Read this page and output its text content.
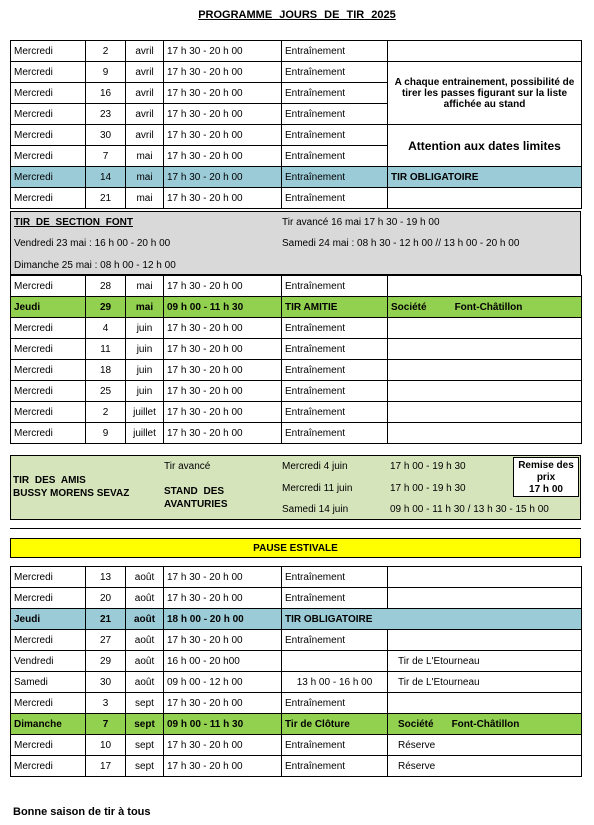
PROGRAMME JOURS DE TIR 2025
Mercredi	2	avril	17 h 30 - 20 h 00	Entraînement	
Mercredi	9	avril	17 h 30 - 20 h 00	Entraînement	A chaque entrainement, possibilité de tirer les passes figurant sur la liste affichée au stand
Mercredi	16	avril	17 h 30 - 20 h 00	Entraînement	
Mercredi	23	avril	17 h 30 - 20 h 00	Entraînement	
Mercredi	30	avril	17 h 30 - 20 h 00	Entraînement	Attention aux dates limites
Mercredi	7	mai	17 h 30 - 20 h 00	Entraînement	
Mercredi	14	mai	17 h 30 - 20 h 00	Entraînement	TIR OBLIGATOIRE
Mercredi	21	mai	17 h 30 - 20 h 00	Entraînement	
TIR DE SECTION FONT	Tir avancé 16 mai 17 h 30 - 19 h 00
Vendredi 23 mai : 16 h 00 - 20 h 00	Samedi 24 mai : 08 h 30 - 12 h 00 // 13 h 00 - 20 h 00
Dimanche 25 mai : 08 h 00 - 12 h 00
Mercredi	28	mai	17 h 30 - 20 h 00	Entraînement	
Jeudi	29	mai	09 h 00 - 11 h 30	TIR AMITIE	Société Font-Châtillon
Mercredi	4	juin	17 h 30 - 20 h 00	Entraînement	
Mercredi	11	juin	17 h 30 - 20 h 00	Entraînement	
Mercredi	18	juin	17 h 30 - 20 h 00	Entraînement	
Mercredi	25	juin	17 h 30 - 20 h 00	Entraînement	
Mercredi	2	juillet	17 h 30 - 20 h 00	Entraînement	
Mercredi	9	juillet	17 h 30 - 20 h 00	Entraînement	
TIR DES AMIS
BUSSY MORENS SEVAZ
Tir avancé
STAND DES
AVANTURIES
Mercredi 4 juin	17 h 00 - 19 h 30
Mercredi 11 juin	17 h 00 - 19 h 30
Samedi 14 juin	09 h 00 - 11 h 30 / 13 h 30 - 15 h 00
Remise des
prix
17 h 00
PAUSE ESTIVALE
Mercredi	13	août	17 h 30 - 20 h 00	Entraînement	
Mercredi	20	août	17 h 30 - 20 h 00	Entraînement	
Jeudi	21	août	18 h 00 - 20 h 00	TIR OBLIGATOIRE	
Mercredi	27	août	17 h 30 - 20 h 00	Entraînement	
Vendredi	29	août	16 h 00 - 20 h00		Tir de L'Etourneau
Samedi	30	août	09 h 00 - 12 h 00	13 h 00 - 16 h 00	Tir de L'Etourneau
Mercredi	3	sept	17 h 30 - 20 h 00	Entraînement	
Dimanche	7	sept	09 h 00 - 11 h 30	Tir de Clôture	Société Font-Châtillon
Mercredi	10	sept	17 h 30 - 20 h 00	Entraînement	Réserve
Mercredi	17	sept	17 h 30 - 20 h 00	Entraînement	Réserve
Bonne saison de tir à tous
